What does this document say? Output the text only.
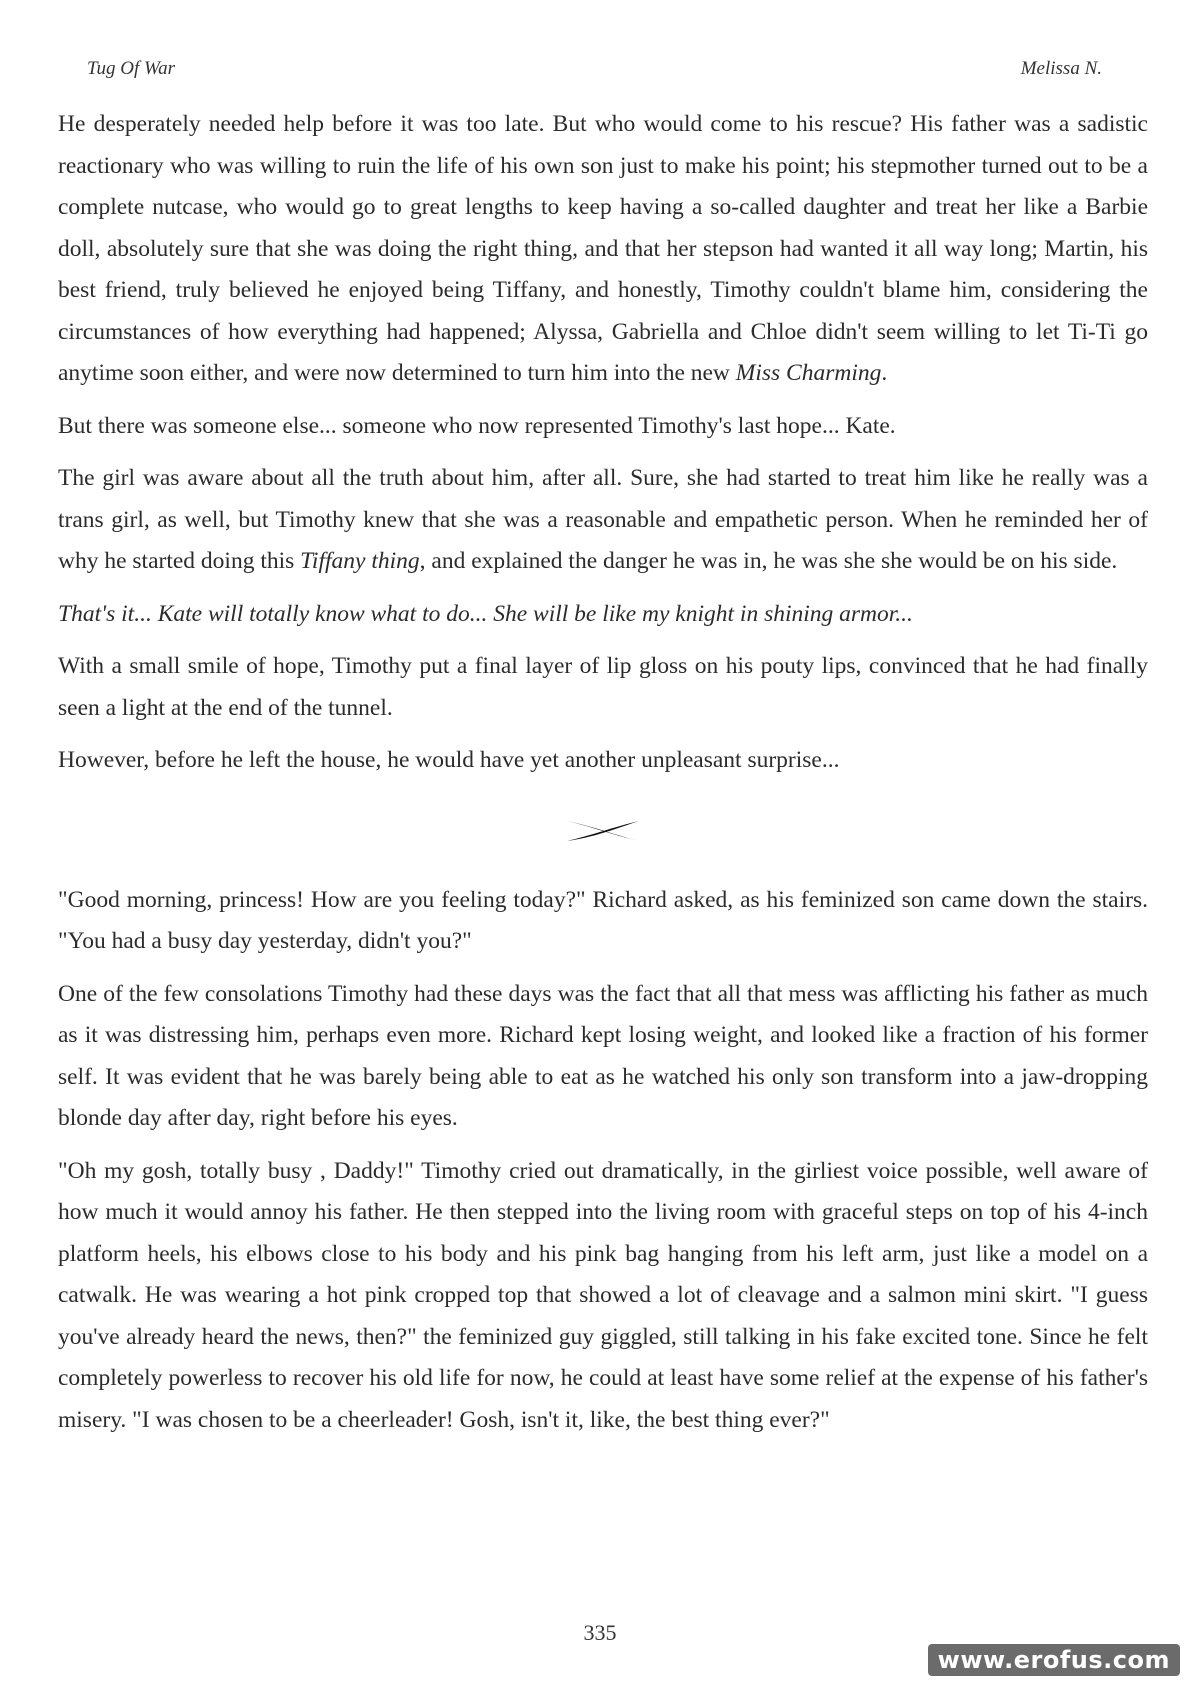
Tug Of War	Melissa N.

He desperately needed help before it was too late. But who would come to his rescue? His father was a sadistic reactionary who was willing to ruin the life of his own son just to make his point; his stepmother turned out to be a complete nutcase, who would go to great lengths to keep having a so-called daughter and treat her like a Barbie doll, absolutely sure that she was doing the right thing, and that her stepson had wanted it all way long; Martin, his best friend, truly believed he enjoyed being Tiffany, and honestly, Timothy couldn't blame him, considering the circumstances of how everything had happened; Alyssa, Gabriella and Chloe didn't seem willing to let Ti-Ti go anytime soon either, and were now determined to turn him into the new Miss Charming.

But there was someone else... someone who now represented Timothy's last hope... Kate.

The girl was aware about all the truth about him, after all. Sure, she had started to treat him like he really was a trans girl, as well, but Timothy knew that she was a reasonable and empathetic person. When he reminded her of why he started doing this Tiffany thing, and explained the danger he was in, he was she she would be on his side.

That's it... Kate will totally know what to do... She will be like my knight in shining armor...

With a small smile of hope, Timothy put a final layer of lip gloss on his pouty lips, convinced that he had finally seen a light at the end of the tunnel.

However, before he left the house, he would have yet another unpleasant surprise...

"Good morning, princess! How are you feeling today?" Richard asked, as his feminized son came down the stairs. "You had a busy day yesterday, didn't you?"

One of the few consolations Timothy had these days was the fact that all that mess was afflicting his father as much as it was distressing him, perhaps even more. Richard kept losing weight, and looked like a fraction of his former self. It was evident that he was barely being able to eat as he watched his only son transform into a jaw-dropping blonde day after day, right before his eyes.

"Oh my gosh, totally busy , Daddy!" Timothy cried out dramatically, in the girliest voice possible, well aware of how much it would annoy his father. He then stepped into the living room with graceful steps on top of his 4-inch platform heels, his elbows close to his body and his pink bag hanging from his left arm, just like a model on a catwalk. He was wearing a hot pink cropped top that showed a lot of cleavage and a salmon mini skirt. "I guess you've already heard the news, then?" the feminized guy giggled, still talking in his fake excited tone. Since he felt completely powerless to recover his old life for now, he could at least have some relief at the expense of his father's misery. "I was chosen to be a cheerleader! Gosh, isn't it, like, the best thing ever?"

335
www.erofus.com
